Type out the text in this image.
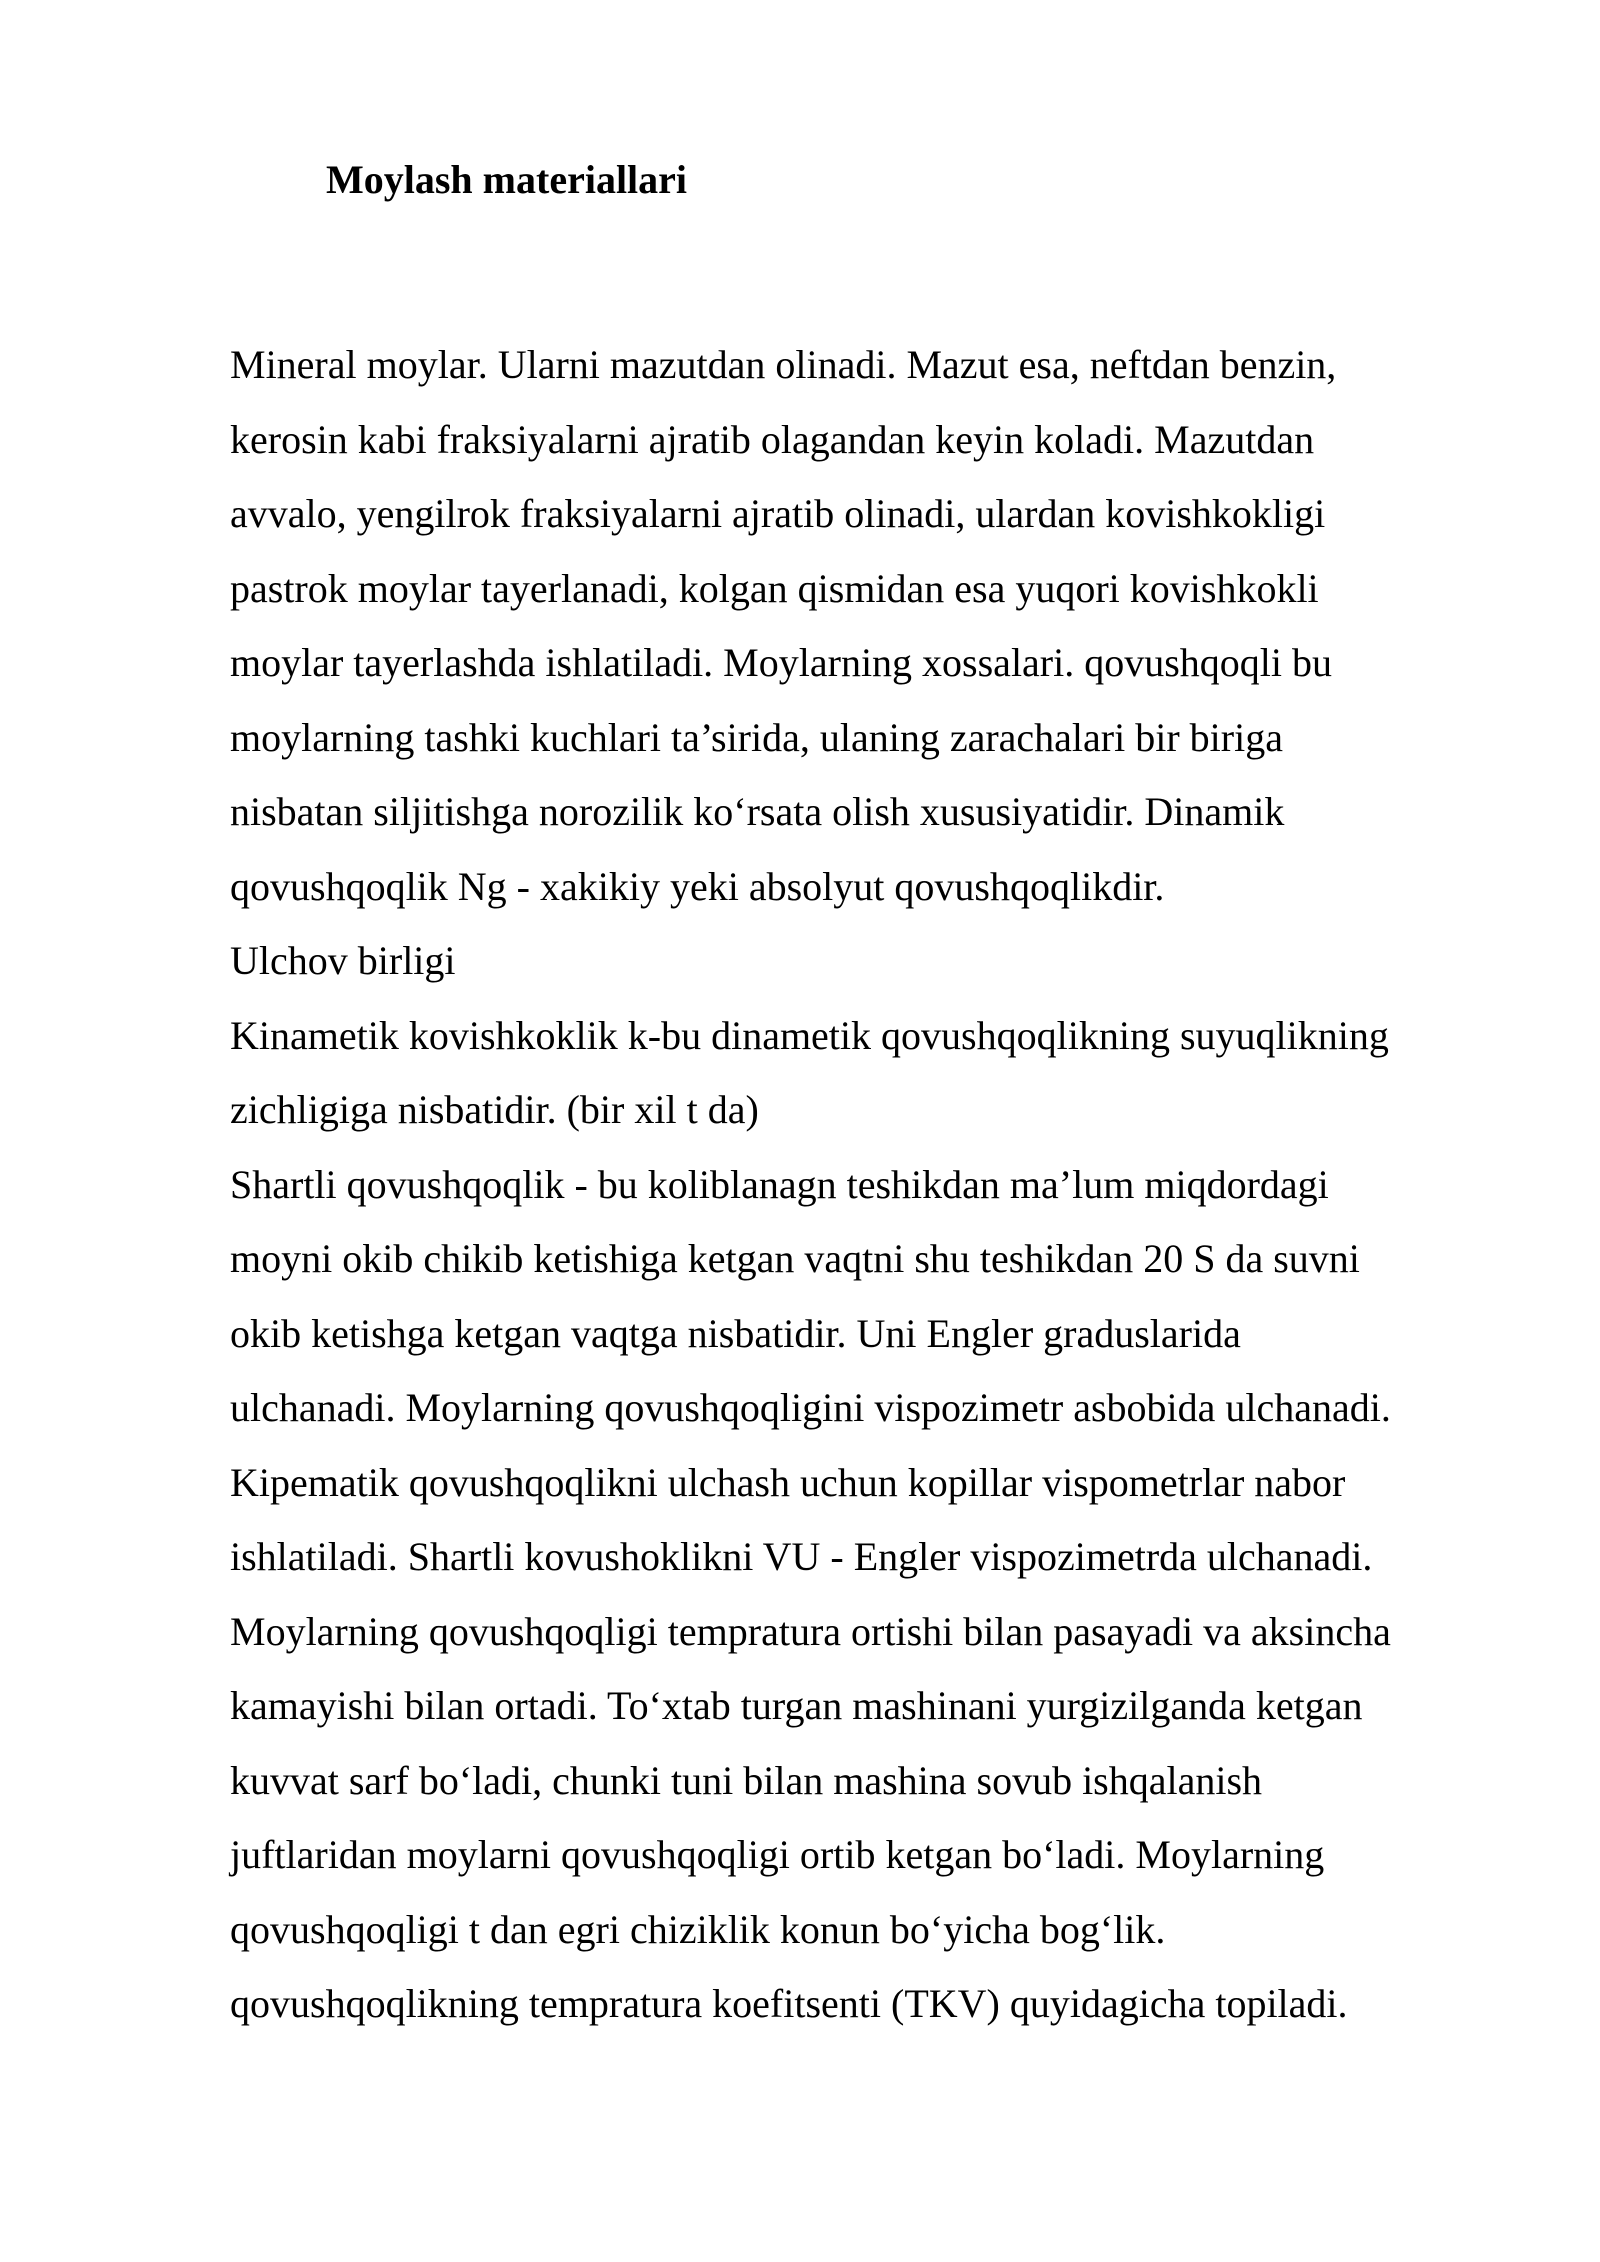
Moylash materiallari
Mineral moylar. Ularni mazutdan olinadi. Mazut esa, neftdan benzin,
kerosin kabi fraksiyalarni ajratib olagandan keyin koladi. Mazutdan
avvalo, yengilrok fraksiyalarni ajratib olinadi, ulardan kovishkokligi
pastrok moylar tayerlanadi, kolgan qismidan esa yuqori kovishkokli
moylar tayerlashda ishlatiladi. Moylarning xossalari. qovushqoqli bu
moylarning tashki kuchlari ta’sirida, ulaning zarachalari bir biriga
nisbatan siljitishga norozilik ko‘rsata olish xususiyatidir. Dinamik
qovushqoqlik Ng - xakikiy yeki absolyut qovushqoqlikdir.
Ulchov birligi
Kinametik kovishkoklik k-bu dinametik qovushqoqlikning suyuqlikning
zichligiga nisbatidir. (bir xil t da)
Shartli qovushqoqlik - bu koliblanagn teshikdan ma’lum miqdordagi
moyni okib chikib ketishiga ketgan vaqtni shu teshikdan 20 S da suvni
okib ketishga ketgan vaqtga nisbatidir. Uni Engler graduslarida
ulchanadi. Moylarning qovushqoqligini vispozimetr asbobida ulchanadi.
Kipematik qovushqoqlikni ulchash uchun kopillar vispometrlar nabor
ishlatiladi. Shartli kovushoklikni VU - Engler vispozimetrda ulchanadi.
Moylarning qovushqoqligi tempratura ortishi bilan pasayadi va aksincha
kamayishi bilan ortadi. To‘xtab turgan mashinani yurgizilganda ketgan
kuvvat sarf bo‘ladi, chunki tuni bilan mashina sovub ishqalanish
juftlaridan moylarni qovushqoqligi ortib ketgan bo‘ladi. Moylarning
qovushqoqligi t dan egri chiziklik konun bo‘yicha bog‘lik.
qovushqoqlikning tempratura koefitsenti (TKV) quyidagicha topiladi.
